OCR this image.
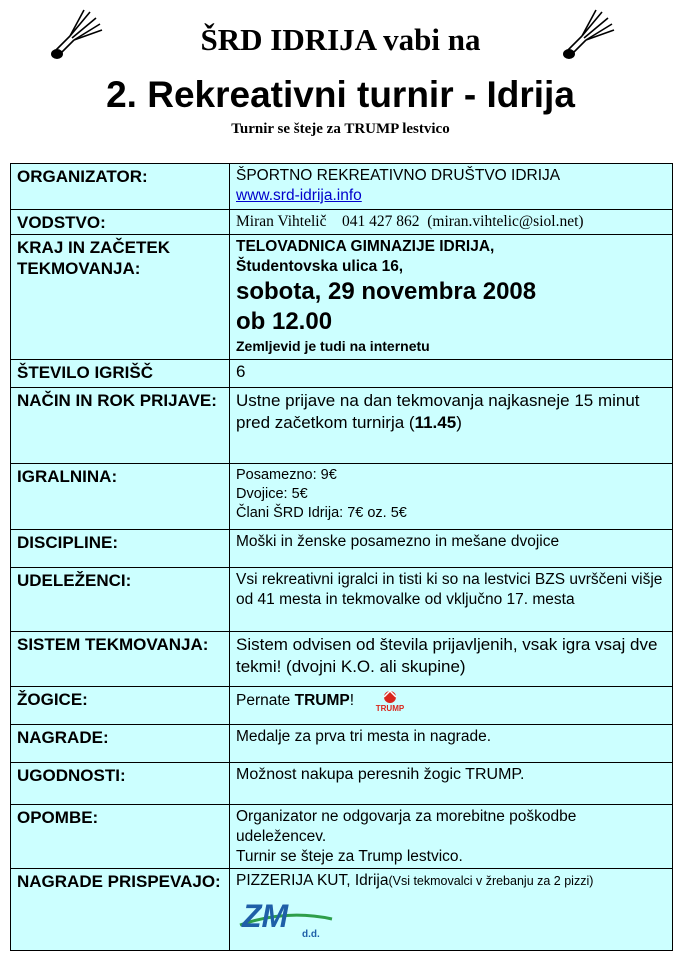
ŠRD IDRIJA vabi na
2. Rekreativni turnir - Idrija
Turnir se šteje za TRUMP lestvico
ORGANIZATOR:	ŠPORTNO REKREATIVNO DRUŠTVO IDRIJA
www.srd-idrija.info

VODSTVO:	Miran Vihtelič    041 427 862  (miran.vihtelic@siol.net)
KRAJ IN ZAČETEK TEKMOVANJA:	TELOVADNICA GIMNAZIJE IDRIJA,
Študentovska ulica 16,
sobota, 29 novembra 2008
ob 12.00
Zemljevid je tudi na internetu

ŠTEVILO IGRIŠČ	6
NAČIN IN ROK PRIJAVE:	Ustne prijave na dan tekmovanja najkasneje 15 minut pred začetkom turnirja (11.45)
IGRALNINA:	Posamezno: 9€
Dvojice: 5€
Člani ŠRD Idrija: 7€ oz. 5€

DISCIPLINE:	Moški in ženske posamezno in mešane dvojice
UDELEŽENCI:	Vsi rekreativni igralci in tisti ki so na lestvici BZS uvrščeni višje od 41 mesta in tekmovalke od vključno 17. mesta
SISTEM TEKMOVANJA:	Sistem odvisen od števila prijavljenih, vsak igra vsaj dve tekmi! (dvojni K.O. ali skupine)
ŽOGICE:	Pernate TRUMP! TRUMP

NAGRADE:	Medalje za prva tri mesta in nagrade.
UGODNOSTI:	Možnost nakupa peresnih žogic TRUMP.
OPOMBE:	Organizator ne odgovarja za morebitne poškodbe udeležencev.
Turnir se šteje za Trump lestvico.

NAGRADE PRISPEVAJO:	PIZZERIJA KUT, Idrija(Vsi tekmovalci v žrebanju za 2 pizzi)
ZM
d.d.
